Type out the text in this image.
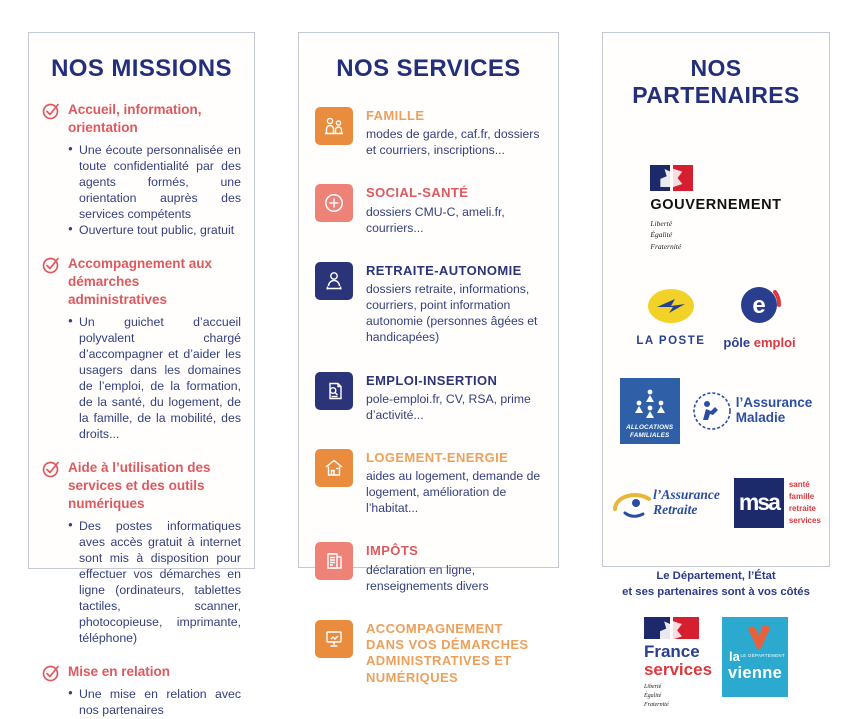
NOS MISSIONS
Accueil, information, orientation
● Une écoute personnalisée en toute confidentialité par des agents formés, une orientation auprès des services compétents
● Ouverture tout public, gratuit
Accompagnement aux démarches administratives
● Un guichet d’accueil polyvalent chargé d’accompagner et d’aider les usagers dans les domaines de l’emploi, de la formation, de la santé, du logement, de la famille, de la mobilité, des droits...
Aide à l’utilisation des services et des outils numériques
● Des postes informatiques aves accès gratuit à internet sont mis à disposition pour effectuer vos démarches en ligne (ordinateurs, tablettes tactiles, scanner, photocopieuse, imprimante, téléphone)
Mise en relation
● Une mise en relation avec nos partenaires
NOS SERVICES
FAMILLE
modes de garde, caf.fr, dossiers et courriers, inscriptions...
SOCIAL-SANTÉ
dossiers CMU-C, ameli.fr, courriers...
RETRAITE-AUTONOMIE
dossiers retraite, informations, courriers, point information autonomie (personnes âgées et handicapées)
EMPLOI-INSERTION
pole-emploi.fr, CV, RSA, prime d’activité...
LOGEMENT-ENERGIE
aides au logement, demande de logement, amélioration de l’habitat...
IMPÔTS
déclaration en ligne, renseignements divers
ACCOMPAGNEMENT DANS VOS DÉMARCHES ADMINISTRATIVES ET NUMÉRIQUES
NOS PARTENAIRES
GOUVERNEMENT
Liberté
Égalité
Fraternité
LA POSTE
e
pôle emploi
ALLOCATIONS
FAMILIALES
l’Assurance
Maladie
l’Assurance
Retraite	msa
santé
famille
retraite
services
Le Département, l’État
et ses partenaires sont à vos côtés
France
services
Liberté
Égalité
Fraternité
la LE DÉPARTEMENT
vienne
